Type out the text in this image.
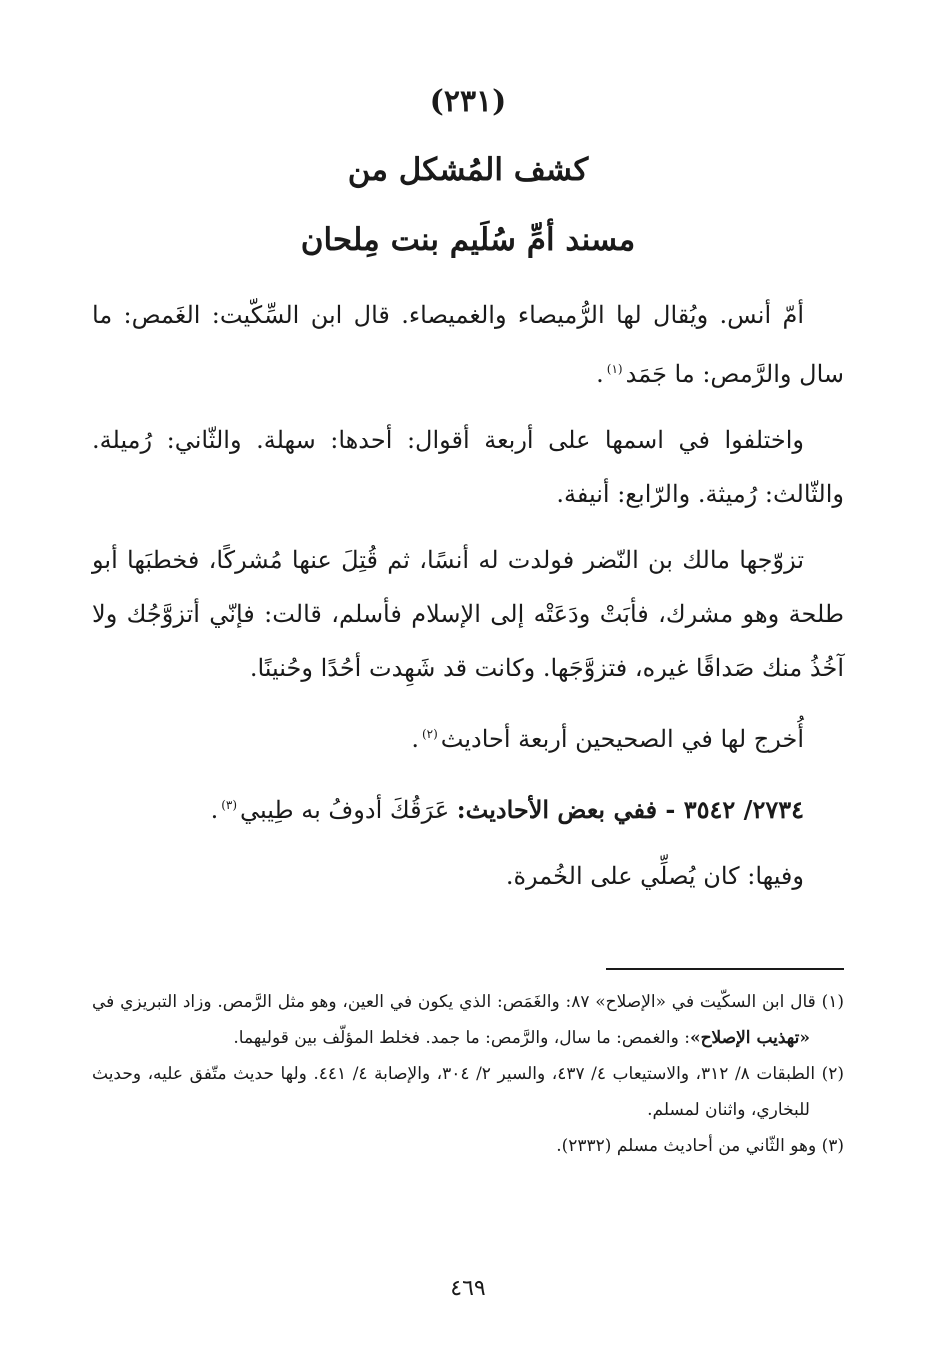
(٢٣١)
كشف المُشكل من
مسند أمِّ سُلَيم بنت مِلحان

أمّ أنس. ويُقال لها الرُّميصاء والغميصاء. قال ابن السِّكّيت: الغَمص: ما سال والرَّمص: ما جَمَد$^{(١)}$.

واختلفوا في اسمها على أربعة أقوال: أحدها: سهلة. والثّاني: رُميلة. والثّالث: رُميثة. والرّابع: أنيفة.

تزوّجها مالك بن النّضر فولدت له أنسًا، ثم قُتِلَ عنها مُشركًا، فخطبَها أبو طلحة وهو مشرك، فأبَتْ ودَعَتْه إلى الإسلام فأسلم، قالت: فإنّي أتزوَّجُك ولا آخُذُ منك صَداقًا غيره، فتزوَّجَها. وكانت قد شَهِدت أحُدًا وحُنينًا.

أُخرج لها في الصحيحين أربعة أحاديث$^{(٢)}$.

٢٧٣٤/ ٣٥٤٢ - ففي بعض الأحاديث: عَرَقُكَ أدوفُ به طِيبي$^{(٣)}$.

وفيها: كان يُصلِّي على الخُمرة.

(١) قال ابن السكّيت في «الإصلاح» ٨٧: والغَمَص: الذي يكون في العين، وهو مثل الرَّمص. وزاد التبريزي في «تهذيب الإصلاح»: والغمص: ما سال، والرَّمص: ما جمد. فخلط المؤلّف بين قوليهما.

(٢) الطبقات ٨/ ٣١٢، والاستيعاب ٤/ ٤٣٧، والسير ٢/ ٣٠٤، والإصابة ٤/ ٤٤١. ولها حديث متّفق عليه، وحديث للبخاري، واثنان لمسلم.

(٣) وهو الثّاني من أحاديث مسلم (٢٣٣٢).

٤٦٩
